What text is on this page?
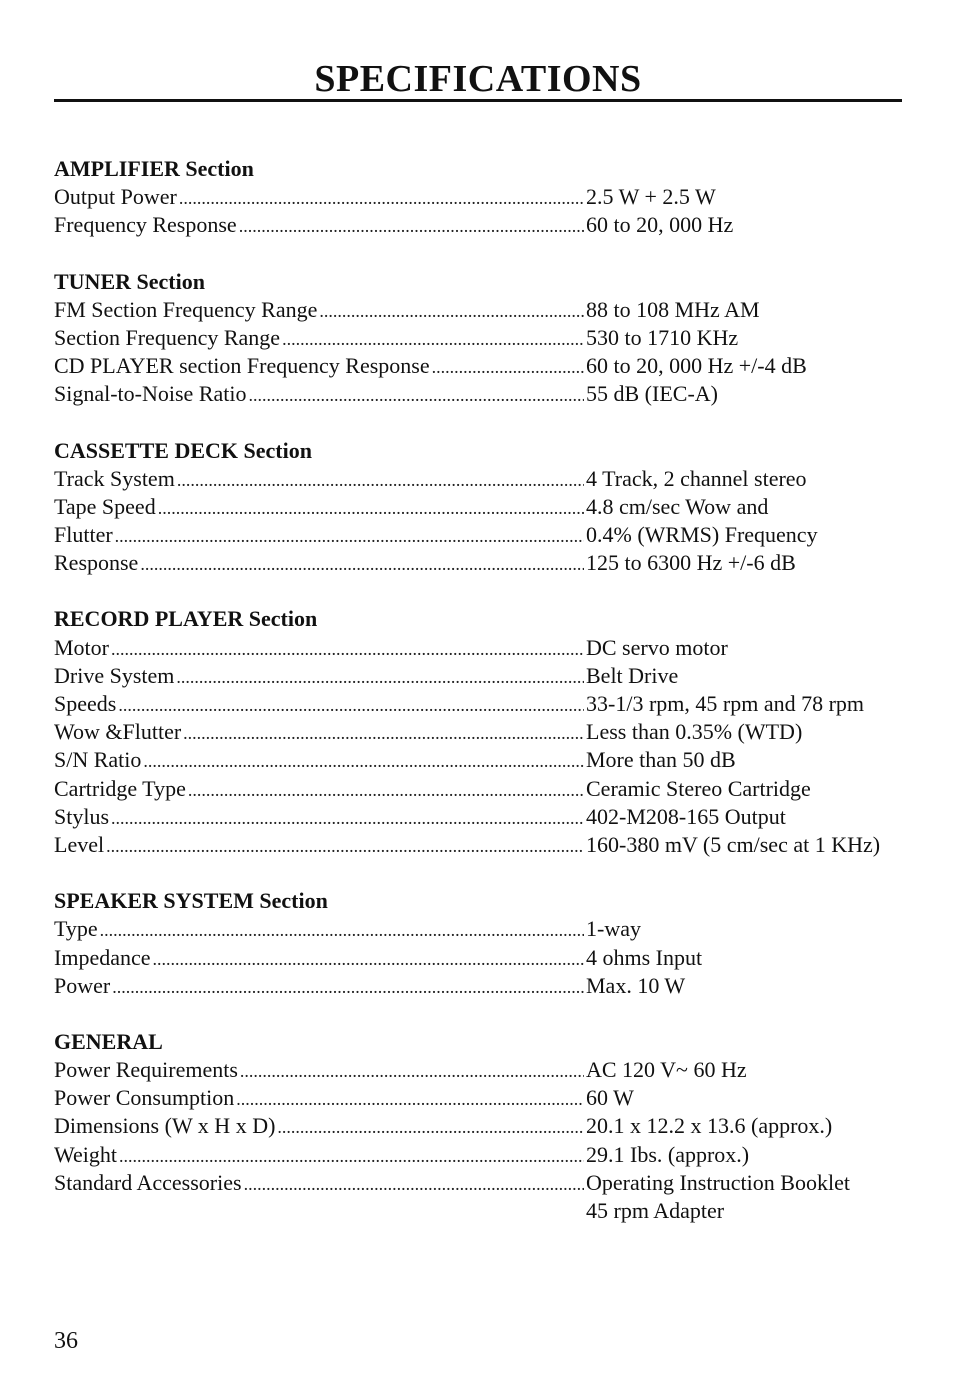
SPECIFICATIONS
AMPLIFIER Section
Output Power .....	2.5 W + 2.5 W
Frequency Response .....	60 to 20, 000 Hz
TUNER Section
FM Section Frequency Range .....	88 to 108 MHz AM
Section Frequency Range .....	530 to 1710 KHz
CD PLAYER section Frequency Response .....	60 to 20, 000 Hz +/-4 dB
Signal-to-Noise Ratio .....	55 dB (IEC-A)
CASSETTE DECK Section
Track System .....	4 Track, 2 channel stereo
Tape Speed .....	4.8 cm/sec Wow and
Flutter .....	0.4% (WRMS) Frequency
Response .....	125 to 6300 Hz +/-6 dB
RECORD PLAYER Section
Motor .....	DC servo motor
Drive System .....	Belt Drive
Speeds .....	33-1/3 rpm, 45 rpm and 78 rpm
Wow &Flutter .....	Less than 0.35% (WTD)
S/N Ratio .....	More than 50 dB
Cartridge Type .....	Ceramic Stereo Cartridge
Stylus .....	402-M208-165 Output
Level .....	160-380 mV (5 cm/sec at 1 KHz)
SPEAKER SYSTEM Section
Type .....	1-way
Impedance .....	4 ohms Input
Power .....	Max. 10 W
GENERAL
Power Requirements .....	AC 120 V~ 60 Hz
Power Consumption .....	60 W
Dimensions (W x H x D) .....	20.1 x 12.2 x 13.6 (approx.)
Weight .....	29.1 Ibs. (approx.)
Standard Accessories .....	Operating Instruction Booklet
45 rpm Adapter
36
